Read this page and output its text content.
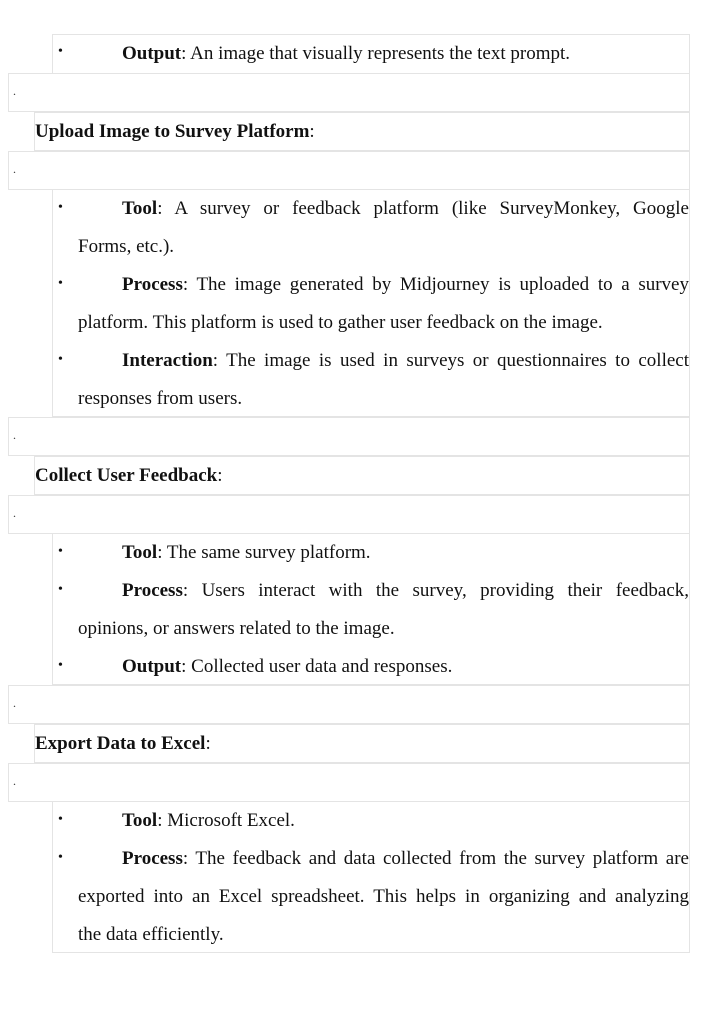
•	Output: An image that visually represents the text prompt.
.
Upload Image to Survey Platform:
.
•	Tool: A survey or feedback platform (like SurveyMonkey, Google
Forms, etc.).
•	Process: The image generated by Midjourney is uploaded to a survey
platform. This platform is used to gather user feedback on the image.
•	Interaction: The image is used in surveys or questionnaires to collect
responses from users.
.
Collect User Feedback:
.
•	Tool: The same survey platform.
•	Process: Users interact with the survey, providing their feedback,
opinions, or answers related to the image.
•	Output: Collected user data and responses.
.
Export Data to Excel:
.
•	Tool: Microsoft Excel.
•	Process: The feedback and data collected from the survey platform are
exported into an Excel spreadsheet. This helps in organizing and analyzing
the data efficiently.
